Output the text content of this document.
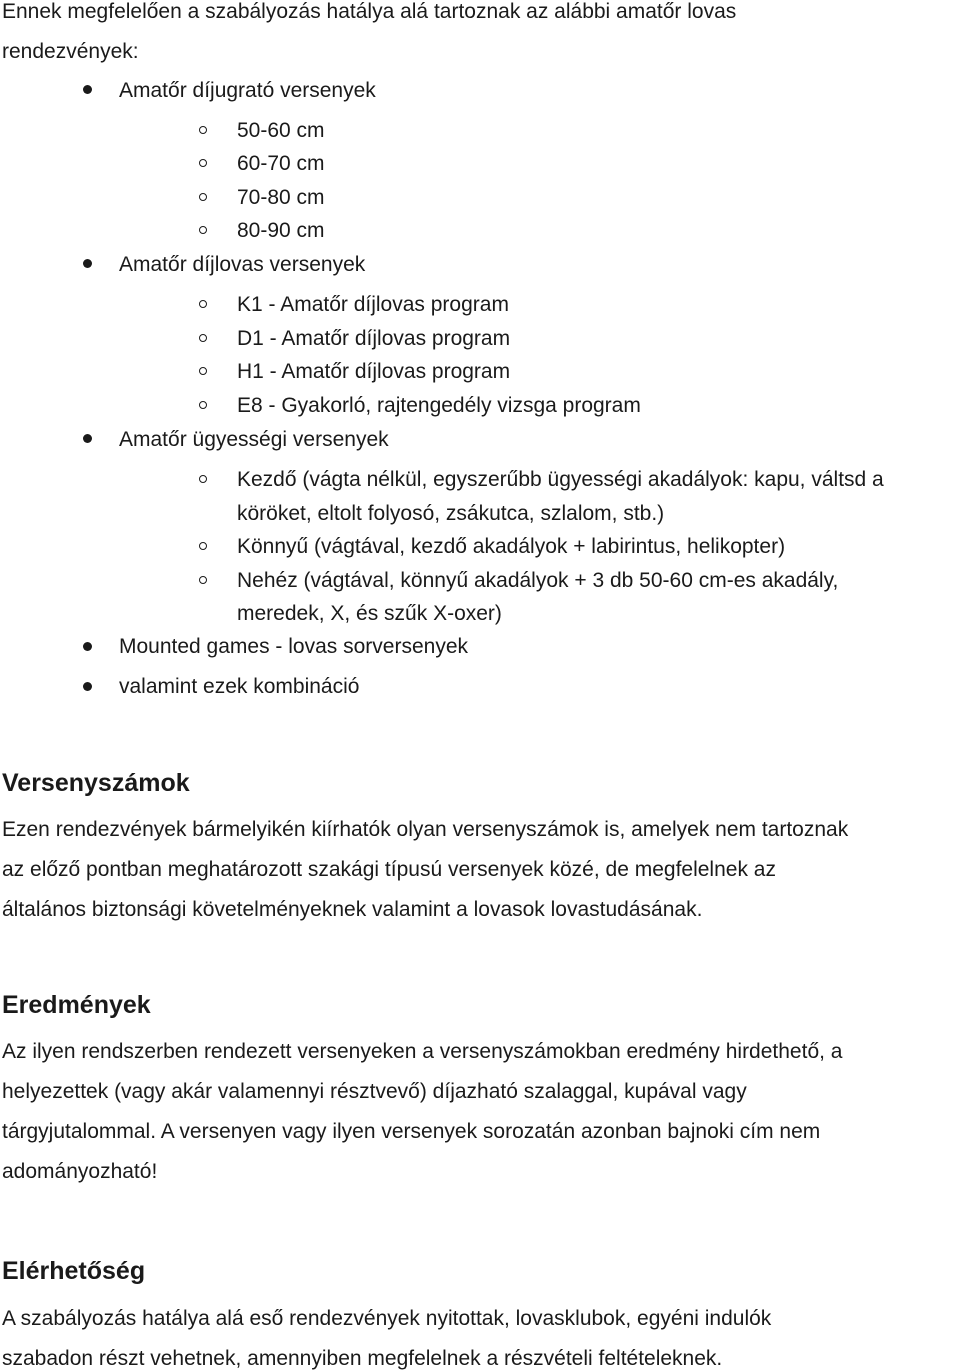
Ennek megfelelően a szabályozás hatálya alá tartoznak az alábbi amatőr lovas
rendezvények:
Amatőr díjugrató versenyek
50-60 cm
60-70 cm
70-80 cm
80-90 cm
Amatőr díjlovas versenyek
K1 - Amatőr díjlovas program
D1 - Amatőr díjlovas program
H1 - Amatőr díjlovas program
E8 - Gyakorló, rajtengedély vizsga program
Amatőr ügyességi versenyek
Kezdő (vágta nélkül, egyszerűbb ügyességi akadályok: kapu, váltsd a
köröket, eltolt folyosó, zsákutca, szlalom, stb.)
Könnyű (vágtával, kezdő akadályok + labirintus, helikopter)
Nehéz (vágtával, könnyű akadályok + 3 db 50-60 cm-es akadály,
meredek, X, és szűk X-oxer)
Mounted games - lovas sorversenyek
valamint ezek kombináció
Versenyszámok
Ezen rendezvények bármelyikén kiírhatók olyan versenyszámok is, amelyek nem tartoznak
az előző pontban meghatározott szakági típusú versenyek közé, de megfelelnek az
általános biztonsági követelményeknek valamint a lovasok lovastudásának.
Eredmények
Az ilyen rendszerben rendezett versenyeken a versenyszámokban eredmény hirdethető, a
helyezettek (vagy akár valamennyi résztvevő) díjazható szalaggal, kupával vagy
tárgyjutalommal. A versenyen vagy ilyen versenyek sorozatán azonban bajnoki cím nem
adományozható!
Elérhetőség
A szabályozás hatálya alá eső rendezvények nyitottak, lovasklubok, egyéni indulók
szabadon részt vehetnek, amennyiben megfelelnek a részvételi feltételeknek.
